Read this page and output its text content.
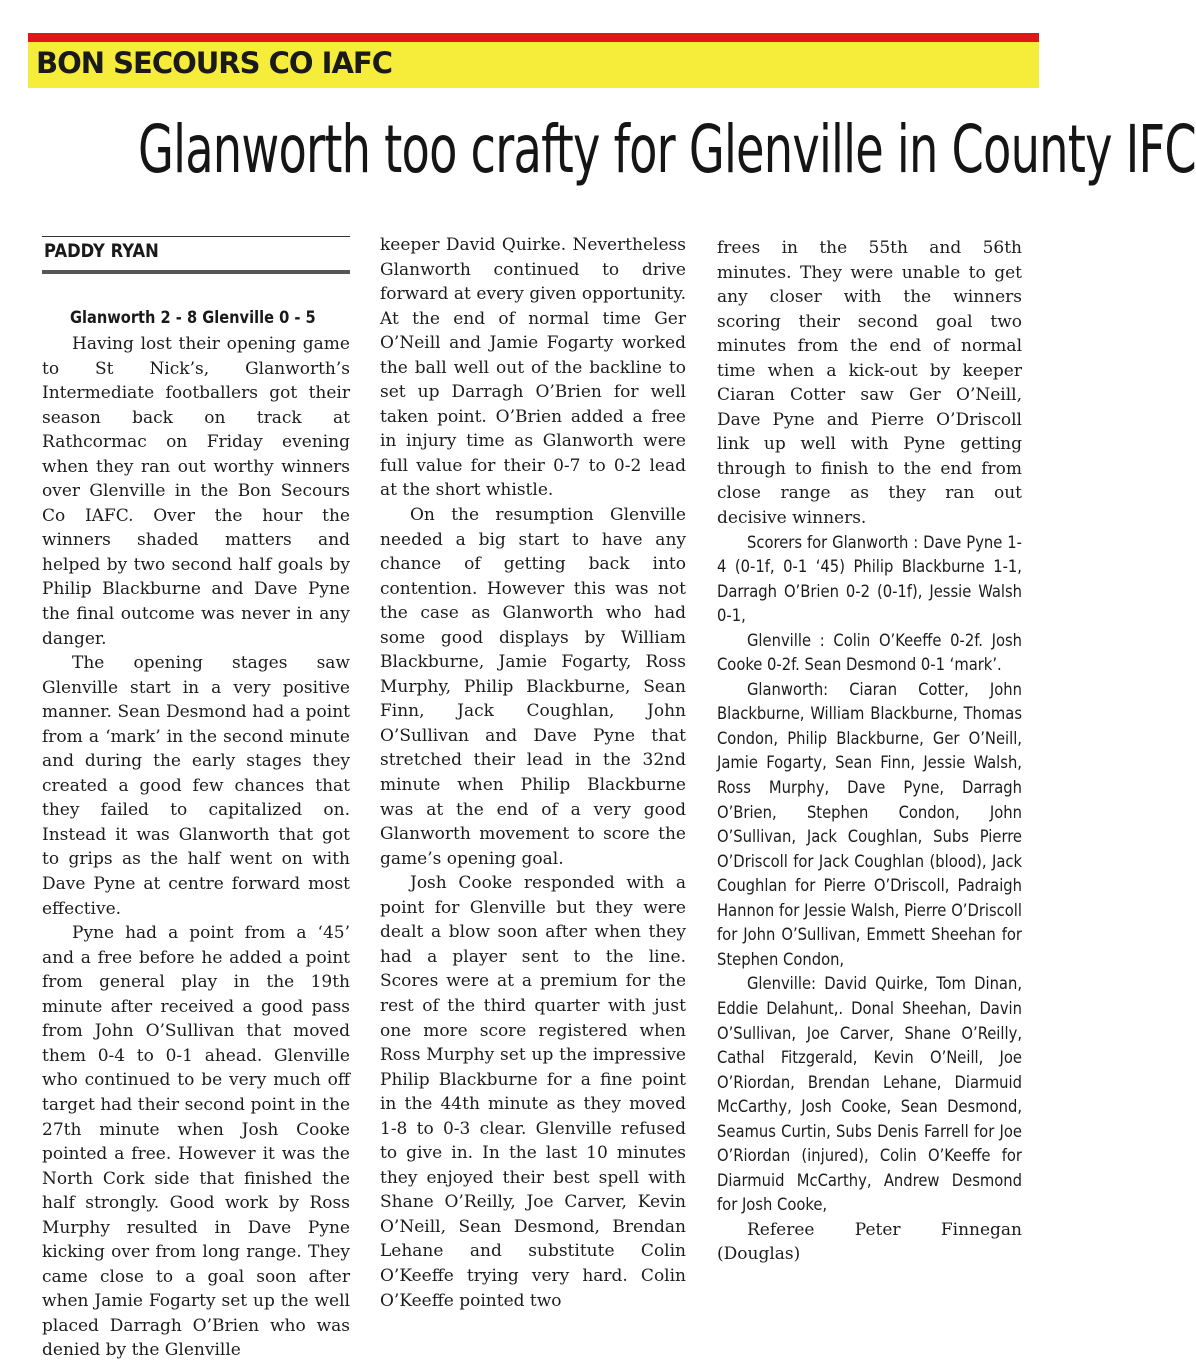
BON SECOURS CO IAFC
Glanworth too crafty for Glenville in County IFC
PADDY RYAN
Glanworth 2 - 8 Glenville 0 - 5

Having lost their opening game to St Nick’s, Glanworth’s Intermediate footballers got their season back on track at Rathcormac on Friday evening when they ran out worthy winners over Glenville in the Bon Secours Co IAFC. Over the hour the winners shaded matters and helped by two second half goals by Philip Blackburne and Dave Pyne the final outcome was never in any danger.

The opening stages saw Glenville start in a very positive manner. Sean Desmond had a point from a ‘mark’ in the second minute and during the early stages they created a good few chances that they failed to capitalized on. Instead it was Glanworth that got to grips as the half went on with Dave Pyne at centre forward most effective.

Pyne had a point from a ‘45’ and a free before he added a point from general play in the 19th minute after received a good pass from John O’Sullivan that moved them 0-4 to 0-1 ahead. Glenville who continued to be very much off target had their second point in the 27th minute when Josh Cooke pointed a free. However it was the North Cork side that finished the half strongly. Good work by Ross Murphy resulted in Dave Pyne kicking over from long range. They came close to a goal soon after when Jamie Fogarty set up the well placed Darragh O’Brien who was denied by the Glenville

keeper David Quirke. Nevertheless Glanworth continued to drive forward at every given opportunity. At the end of normal time Ger O’Neill and Jamie Fogarty worked the ball well out of the backline to set up Darragh O’Brien for well taken point. O’Brien added a free in injury time as Glanworth were full value for their 0-7 to 0-2 lead at the short whistle.

On the resumption Glenville needed a big start to have any chance of getting back into contention. However this was not the case as Glanworth who had some good displays by William Blackburne, Jamie Fogarty, Ross Murphy, Philip Blackburne, Sean Finn, Jack Coughlan, John O’Sullivan and Dave Pyne that stretched their lead in the 32nd minute when Philip Blackburne was at the end of a very good Glanworth movement to score the game’s opening goal.

Josh Cooke responded with a point for Glenville but they were dealt a blow soon after when they had a player sent to the line. Scores were at a premium for the rest of the third quarter with just one more score registered when Ross Murphy set up the impressive Philip Blackburne for a fine point in the 44th minute as they moved 1-8 to 0-3 clear. Glenville refused to give in. In the last 10 minutes they enjoyed their best spell with Shane O’Reilly, Joe Carver, Kevin O’Neill, Sean Desmond, Brendan Lehane and substitute Colin O’Keeffe trying very hard. Colin O’Keeffe pointed two

frees in the 55th and 56th minutes. They were unable to get any closer with the winners scoring their second goal two minutes from the end of normal time when a kick-out by keeper Ciaran Cotter saw Ger O’Neill, Dave Pyne and Pierre O’Driscoll link up well with Pyne getting through to finish to the end from close range as they ran out decisive winners.

Scorers for Glanworth : Dave Pyne 1-4 (0-1f, 0-1 ‘45) Philip Blackburne 1-1, Darragh O’Brien 0-2 (0-1f), Jessie Walsh 0-1,

Glenville : Colin O’Keeffe 0-2f. Josh Cooke 0-2f. Sean Desmond 0-1 ‘mark’.

Glanworth: Ciaran Cotter, John Blackburne, William Blackburne, Thomas Condon, Philip Blackburne, Ger O’Neill, Jamie Fogarty, Sean Finn, Jessie Walsh, Ross Murphy, Dave Pyne, Darragh O’Brien, Stephen Condon, John O’Sullivan, Jack Coughlan, Subs Pierre O’Driscoll for Jack Coughlan (blood), Jack Coughlan for Pierre O’Driscoll, Padraigh Hannon for Jessie Walsh, Pierre O’Driscoll for John O’Sullivan, Emmett Sheehan for Stephen Condon,

Glenville: David Quirke, Tom Dinan, Eddie Delahunt,. Donal Sheehan, Davin O’Sullivan, Joe Carver, Shane O’Reilly, Cathal Fitzgerald, Kevin O’Neill, Joe O’Riordan, Brendan Lehane, Diarmuid McCarthy, Josh Cooke, Sean Desmond, Seamus Curtin, Subs Denis Farrell for Joe O’Riordan (injured), Colin O’Keeffe for Diarmuid McCarthy, Andrew Desmond for Josh Cooke,

Referee Peter Finnegan (Douglas)
